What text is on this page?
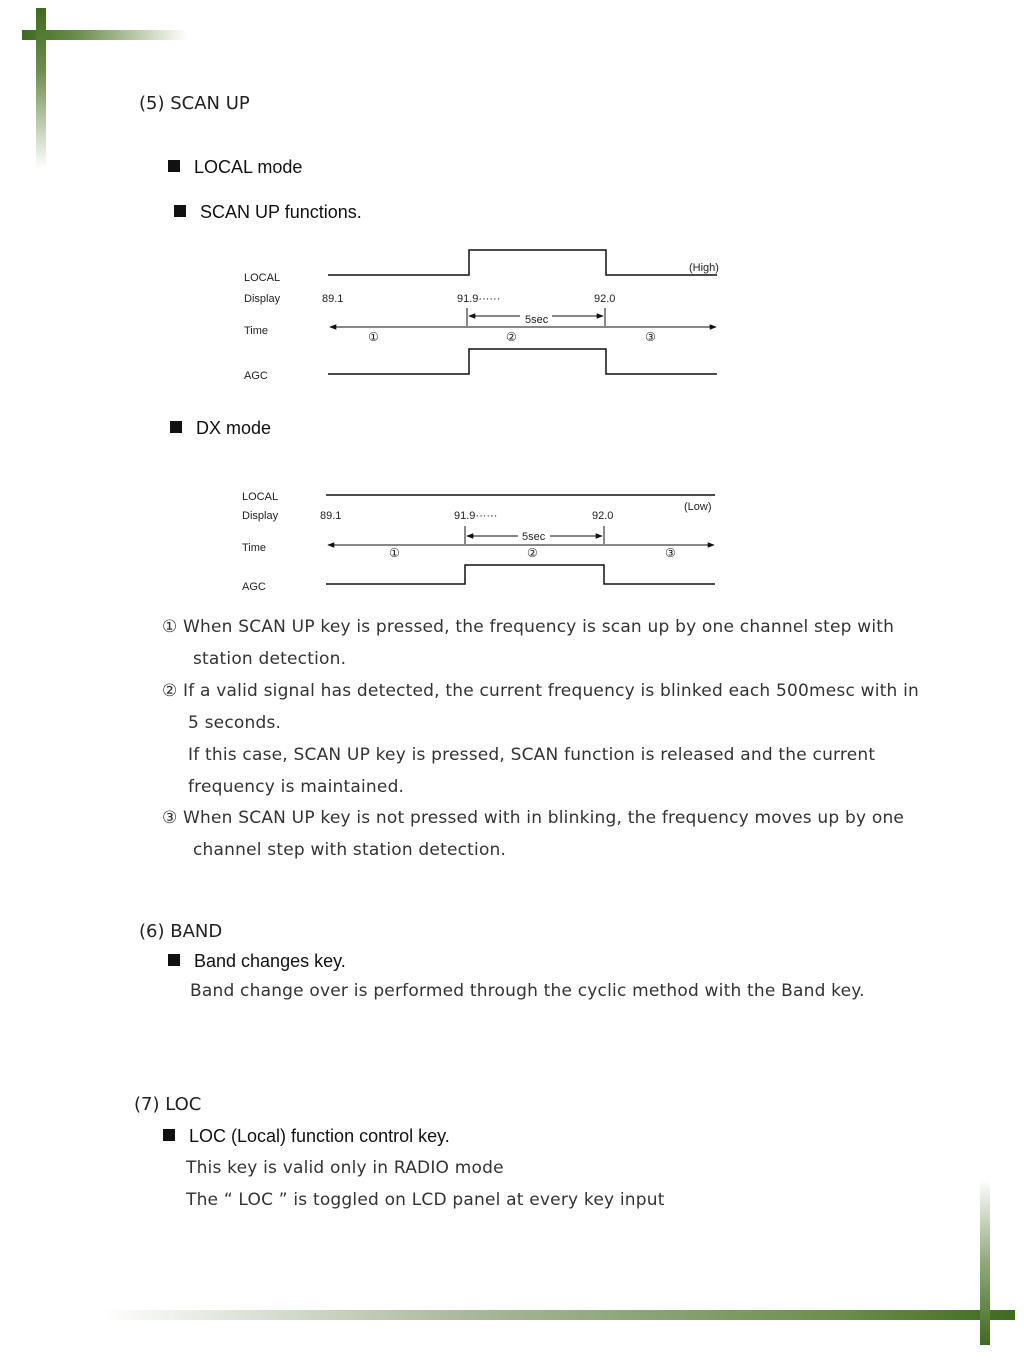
(5) SCAN UP
LOCAL mode
SCAN UP functions.
LOCAL
Display
Time
AGC
(High)
89.1	91.9······	92.0
5sec
①	②	③
DX mode
LOCAL
Display
Time
AGC
(Low)
89.1	91.9······	92.0
5sec
①	②	③
① When SCAN UP key is pressed, the frequency is scan up by one channel step with
station detection.
② If a valid signal has detected, the current frequency is blinked each 500mesc with in
5 seconds.
If this case, SCAN UP key is pressed, SCAN function is released and the current
frequency is maintained.
③ When SCAN UP key is not pressed with in blinking, the frequency moves up by one
channel step with station detection.
(6) BAND
Band changes key.
Band change over is performed through the cyclic method with the Band key.
(7) LOC
LOC (Local) function control key.
This key is valid only in RADIO mode
The “ LOC ” is toggled on LCD panel at every key input
